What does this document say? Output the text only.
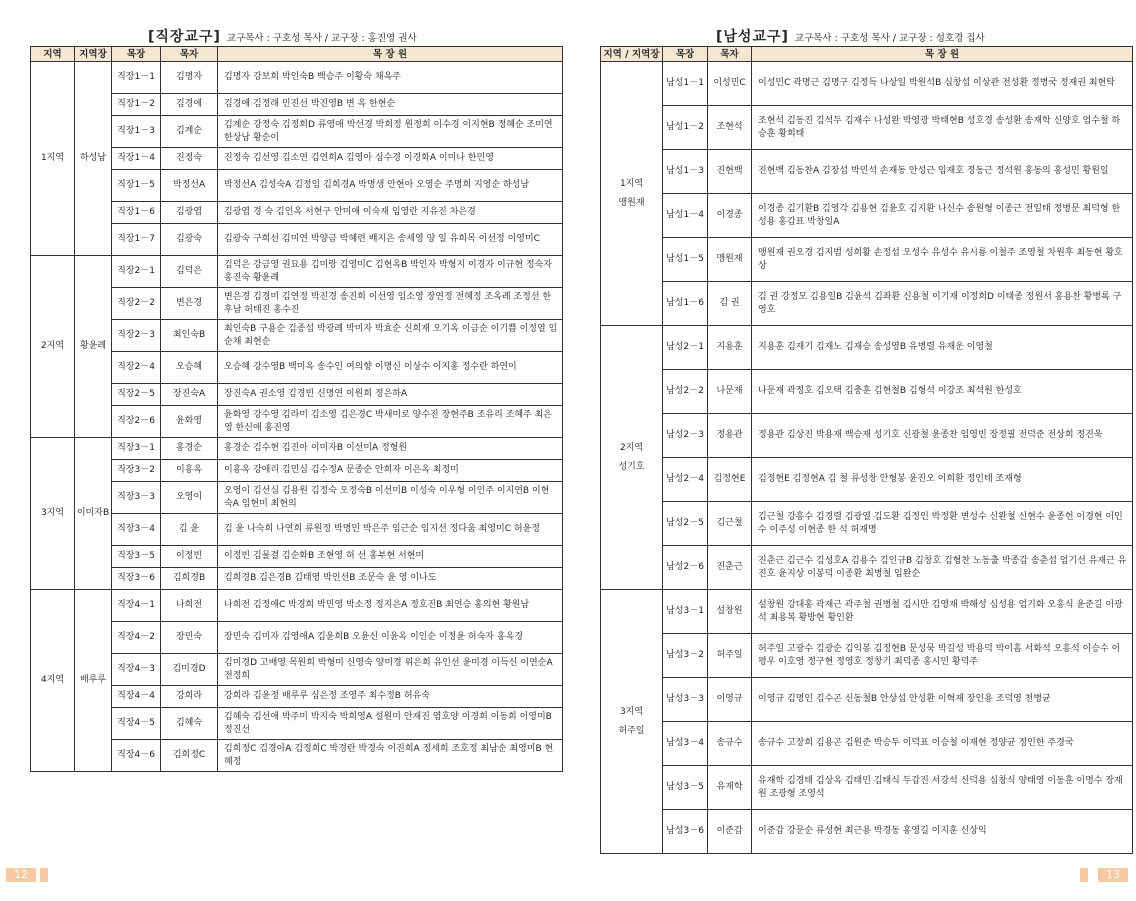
[직장교구] 교구목사 : 구호성 목사 / 교구장 : 홍진영 권사
지역	지역장	목장	목자	목 장 원
1지역	하성남	직장1－1	김명자	김명자 강보희 박인숙B 백승주 이황숙 채옥주
		직장1－2	김경애	김경애 김정래 민진선 박진영B 변 옥 한현순
		직장1－3	김계순	김계순 강정숙 김정희D 류영애 박선경 박희정 원정희 이수경 이지현B 정혜순 조미연 한상남 황순이
		직장1－4	진정숙	진정숙 김선영 김소연 김연희A 김영아 심수경 이경화A 이미나 한민영
		직장1－5	박정선A	박정선A 김성숙A 김정임 김희경A 박명생 안현아 오영순 주명희 지영순 하성남
		직장1－6	김광엽	김광엽 경 숙 김인옥 서현구 안미애 이숙재 임영란 지유진 차은경
		직장1－7	김광숙	김광숙 구희선 김미연 박양금 박혜련 배지은 송세영 양 일 유희목 이선정 이영미C
2지역	황윤례	직장2－1	김덕은	김덕은 강금영 권묘용 김미랑 김영미C 김현옥B 박인자 박형지 이경자 이규현 정숙자 홍진숙 황윤례
		직장2－2	변은경	변은경 김경미 김연정 박진경 송진희 이선영 임소영 장연정 전혜정 조옥례 조정선 한후남 허태진 홍수진
		직장2－3	최인숙B	최인숙B 구용순 김종섭 박광례 박미자 박효순 신희재 오기옥 이금순 이기쁨 이정열 임순채 최현순
		직장2－4	오승혜	오승혜 강수영B 백미옥 송수인 여의향 이명신 이상수 이지홍 정수란 하연이
		직장2－5	장진숙A	장진숙A 권소영 김경빈 신명연 이원희 정은하A
		직장2－6	윤화영	윤화영 강수영 김라미 김소영 김은경C 박새미로 양수진 장현주B 조유리 조혜주 최은영 한신애 홍진영
3지역	이미자B	직장3－1	홍경순	홍경순 김수현 김진아 이미자B 이선미A 정형원
		직장3－2	이홍옥	이홍옥 강애리 김민심 김수정A 문종순 안희자 이은옥 최정미
		직장3－3	오영이	오영이 김선심 김용원 김정숙 오정숙B 이선미B 이성숙 이우형 이인주 이지연B 이현숙A 임현미 최현의
		직장3－4	김 윤	김 윤 나숙희 나연희 류원정 박명민 박은주 임근순 임지선 정다움 최영미C 허윤정
		직장3－5	이정빈	이정빈 김물결 김순화B 조현영 허 선 홍부현 서현미
		직장3－6	김희경B	김희경B 김은경B 김태영 박인선B 조문숙 윤 영 이나도
4지역	배루루	직장4－1	나희전	나희전 김정애C 박경희 박민영 박소정 정지은A 정호진B 최연승 홍의현 황원남
		직장4－2	장민숙	장민숙 김미자 김영애A 김윤희B 오윤신 이윤옥 이인순 이정윤 허숙자 홍옥경
		직장4－3	김미경D	김미경D 고배영 목원희 박형미 신영숙 양미경 위은희 유인선 윤미경 이득신 이연순A 전정희
		직장4－4	강희라	강희라 김윤정 배루루 심은정 조영주 최수정B 허유숙
		직장4－5	김혜숙	김혜숙 김선애 박주미 박지숙 박희영A 설원미 안재진 염호양 이경희 이동희 이영미B 정진선
		직장4－6	김희정C	김희정C 김경아A 김정희C 박경란 박경숙 이진희A 정세희 조호정 최남순 최영미B 현혜정
12
[남성교구] 교구목사 : 구호성 목사 / 교구장 : 성호경 집사
지역 / 지역장	목장	목자	목 장 원

1지역
맹원재	남성1－1	이성민C	이성민C 곽명근 김명구 김정득 나상일 박원석B 심창섭 이상관 전성환 정병국 정재권 최현탁
	남성1－2	조현석	조현석 김동진 김석두 김재수 나성완 박영광 박태현B 성호경 송성환 송재학 신양호 엄수철 하승훈 황희태
	남성1－3	진현백	진현백 김동찬A 김장섭 박민석 손재동 안성근 임재호 정동근 정석원 홍동의 홍성민 황원일
	남성1－4	이경종	이경종 김기환B 김영각 김용현 김윤호 김지환 나신수 송원형 이종근 전일태 정병문 최덕형 한성용 홍갑표 박창일A
	남성1－5	맹원재	맹원재 권오경 김지범 성희활 손정섭 오성수 유성수 유시룡 이철주 조영철 차원후 최동현 황호상
	남성1－6	김 권	김 권 강정모 김용일B 김윤석 김좌환 신용철 이기재 이정희D 이태종 정원서 홍용찬 황병록 구영호

2지역
성기호	남성2－1	지용훈	지용훈 김재기 김재노 김재승 송성영B 유병렬 유재운 이영철
	남성2－2	나문재	나문재 곽정호 김오택 김충훈 김현철B 김형석 이강조 최석원 한성호
	남성2－3	정용관	정용관 김상진 박용재 백승재 성기호 신광철 윤종찬 임영빈 장정필 전덕준 전상희 정진욱
	남성2－4	김정현E	김정현E 김정현A 김 철 류성창 안형봉 윤진오 이희환 정인태 조재형
	남성2－5	김근철	김근철 강흥수 김경렬 김광열 김도환 김정인 박정환 변성수 신완철 신현수 윤종헌 이경현 이인수 이주성 이현종 한 석 허재명
	남성2－6	진춘근	진춘근 김근수 김성호A 김용수 김인규B 김창호 김형찬 노동출 박종갑 송춘섭 엄기선 유재근 유진호 윤지상 이봉덕 이종환 최병철 임완순

3지역
허주일	남성3－1	설창원	설창원 강대홍 곽재근 곽주철 권병철 김시만 김영재 박해성 심성용 엄기화 오흥식 윤준길 이광석 최용복 황방현 황인환
	남성3－2	허주일	허주일 고광수 김광순 김익봉 김정현B 문성묵 박길성 박용덕 박이흠 서화석 오흥석 이승수 이평우 이호영 정구현 정영호 정창기 최덕종 홍시민 황덕주
	남성3－3	이영규	이영규 김명인 김수곤 신동철B 안상섭 안성환 이혁재 장인용 조덕영 천병균
	남성3－4	송규수	송규수 고장희 김용곤 김원준 박승두 이덕표 이승철 이재현 정양균 정인한 주경국
	남성3－5	유재학	유재학 김경태 김상옥 김태민 김태식 두갑진 서강석 신덕용 심창식 양태영 이동훈 이명수 장재원 조광형 조영석
	남성3－6	이준갑	이준갑 강문순 류성현 최근용 박경동 홍영길 이지훈 신상익
13
